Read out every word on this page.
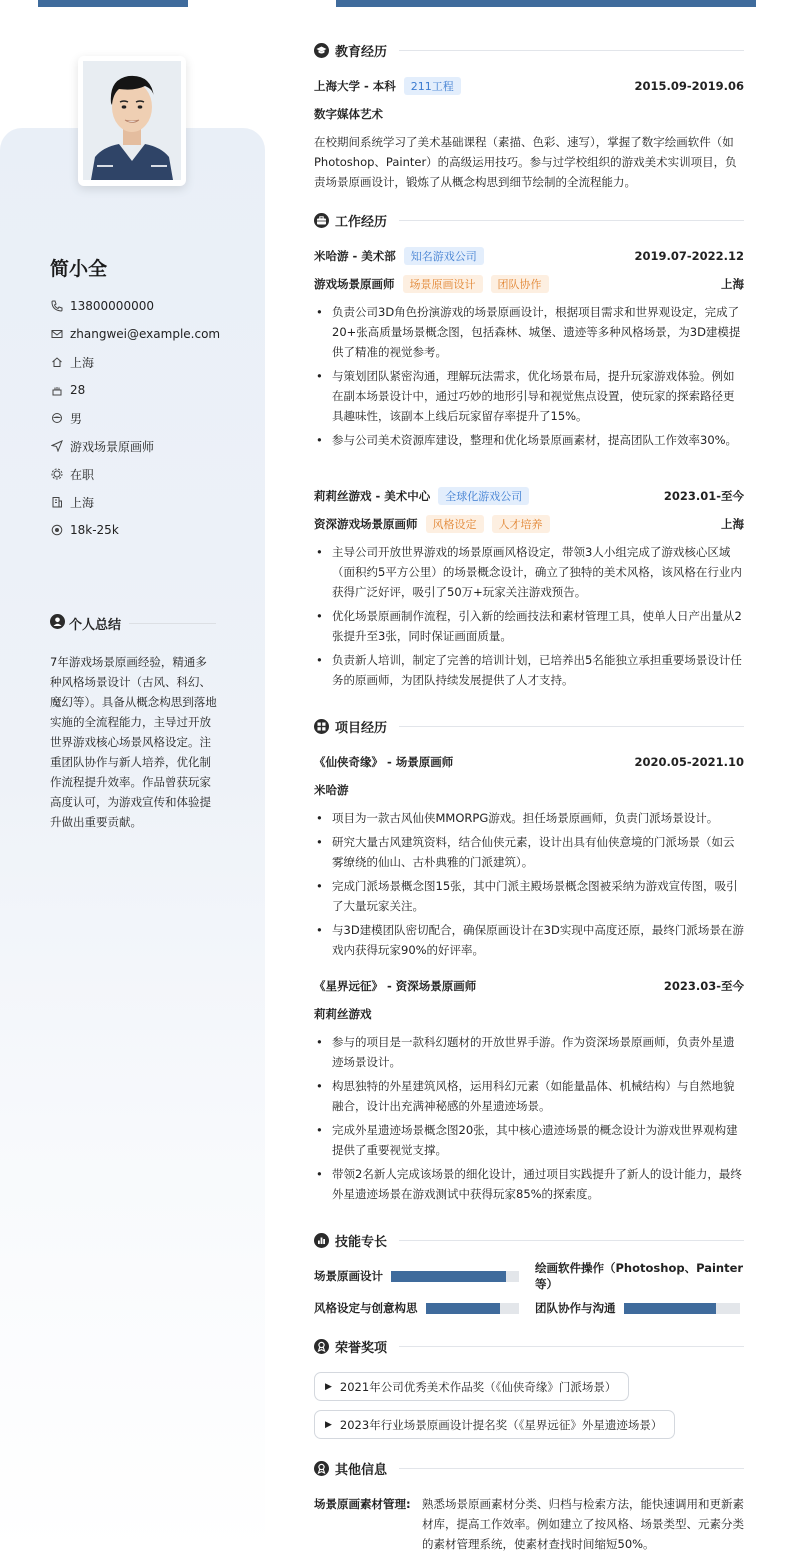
简小全
13800000000
zhangwei@example.com
上海
28
男
游戏场景原画师
在职
上海
18k-25k
个人总结
7年游戏场景原画经验，精通多种风格场景设计（古风、科幻、魔幻等）。具备从概念构思到落地实施的全流程能力，主导过开放世界游戏核心场景风格设定。注重团队协作与新人培养，优化制作流程提升效率。作品曾获玩家高度认可，为游戏宣传和体验提升做出重要贡献。
教育经历
上海大学 - 本科	211工程	2015.09-2019.06
数字媒体艺术
在校期间系统学习了美术基础课程（素描、色彩、速写），掌握了数字绘画软件（如Photoshop、Painter）的高级运用技巧。参与过学校组织的游戏美术实训项目，负责场景原画设计，锻炼了从概念构思到细节绘制的全流程能力。
工作经历
米哈游 - 美术部	知名游戏公司	2019.07-2022.12
游戏场景原画师	场景原画设计	团队协作	上海
• 负责公司3D角色扮演游戏的场景原画设计，根据项目需求和世界观设定，完成了20+张高质量场景概念图，包括森林、城堡、遗迹等多种风格场景，为3D建模提供了精准的视觉参考。
• 与策划团队紧密沟通，理解玩法需求，优化场景布局，提升玩家游戏体验。例如在副本场景设计中，通过巧妙的地形引导和视觉焦点设置，使玩家的探索路径更具趣味性，该副本上线后玩家留存率提升了15%。
• 参与公司美术资源库建设，整理和优化场景原画素材，提高团队工作效率30%。
莉莉丝游戏 - 美术中心	全球化游戏公司	2023.01-至今
资深游戏场景原画师	风格设定	人才培养	上海
• 主导公司开放世界游戏的场景原画风格设定，带领3人小组完成了游戏核心区域（面积约5平方公里）的场景概念设计，确立了独特的美术风格，该风格在行业内获得广泛好评，吸引了50万+玩家关注游戏预告。
• 优化场景原画制作流程，引入新的绘画技法和素材管理工具，使单人日产出量从2张提升至3张，同时保证画面质量。
• 负责新人培训，制定了完善的培训计划，已培养出5名能独立承担重要场景设计任务的原画师，为团队持续发展提供了人才支持。
项目经历
《仙侠奇缘》 - 场景原画师	2020.05-2021.10
米哈游
• 项目为一款古风仙侠MMORPG游戏。担任场景原画师，负责门派场景设计。
• 研究大量古风建筑资料，结合仙侠元素，设计出具有仙侠意境的门派场景（如云雾缭绕的仙山、古朴典雅的门派建筑）。
• 完成门派场景概念图15张，其中门派主殿场景概念图被采纳为游戏宣传图，吸引了大量玩家关注。
• 与3D建模团队密切配合，确保原画设计在3D实现中高度还原，最终门派场景在游戏内获得玩家90%的好评率。
《星界远征》 - 资深场景原画师	2023.03-至今
莉莉丝游戏
• 参与的项目是一款科幻题材的开放世界手游。作为资深场景原画师，负责外星遗迹场景设计。
• 构思独特的外星建筑风格，运用科幻元素（如能量晶体、机械结构）与自然地貌融合，设计出充满神秘感的外星遗迹场景。
• 完成外星遗迹场景概念图20张，其中核心遗迹场景的概念设计为游戏世界观构建提供了重要视觉支撑。
• 带领2名新人完成该场景的细化设计，通过项目实践提升了新人的设计能力，最终外星遗迹场景在游戏测试中获得玩家85%的探索度。
技能专长
场景原画设计
绘画软件操作（Photoshop、Painter等）
风格设定与创意构思	团队协作与沟通
荣誉奖项
▶ 2021年公司优秀美术作品奖（《仙侠奇缘》门派场景）
▶ 2023年行业场景原画设计提名奖（《星界远征》外星遗迹场景）
其他信息
场景原画素材管理: 熟悉场景原画素材分类、归档与检索方法，能快速调用和更新素材库，提高工作效率。例如建立了按风格、场景类型、元素分类的素材管理系统，使素材查找时间缩短50%。
